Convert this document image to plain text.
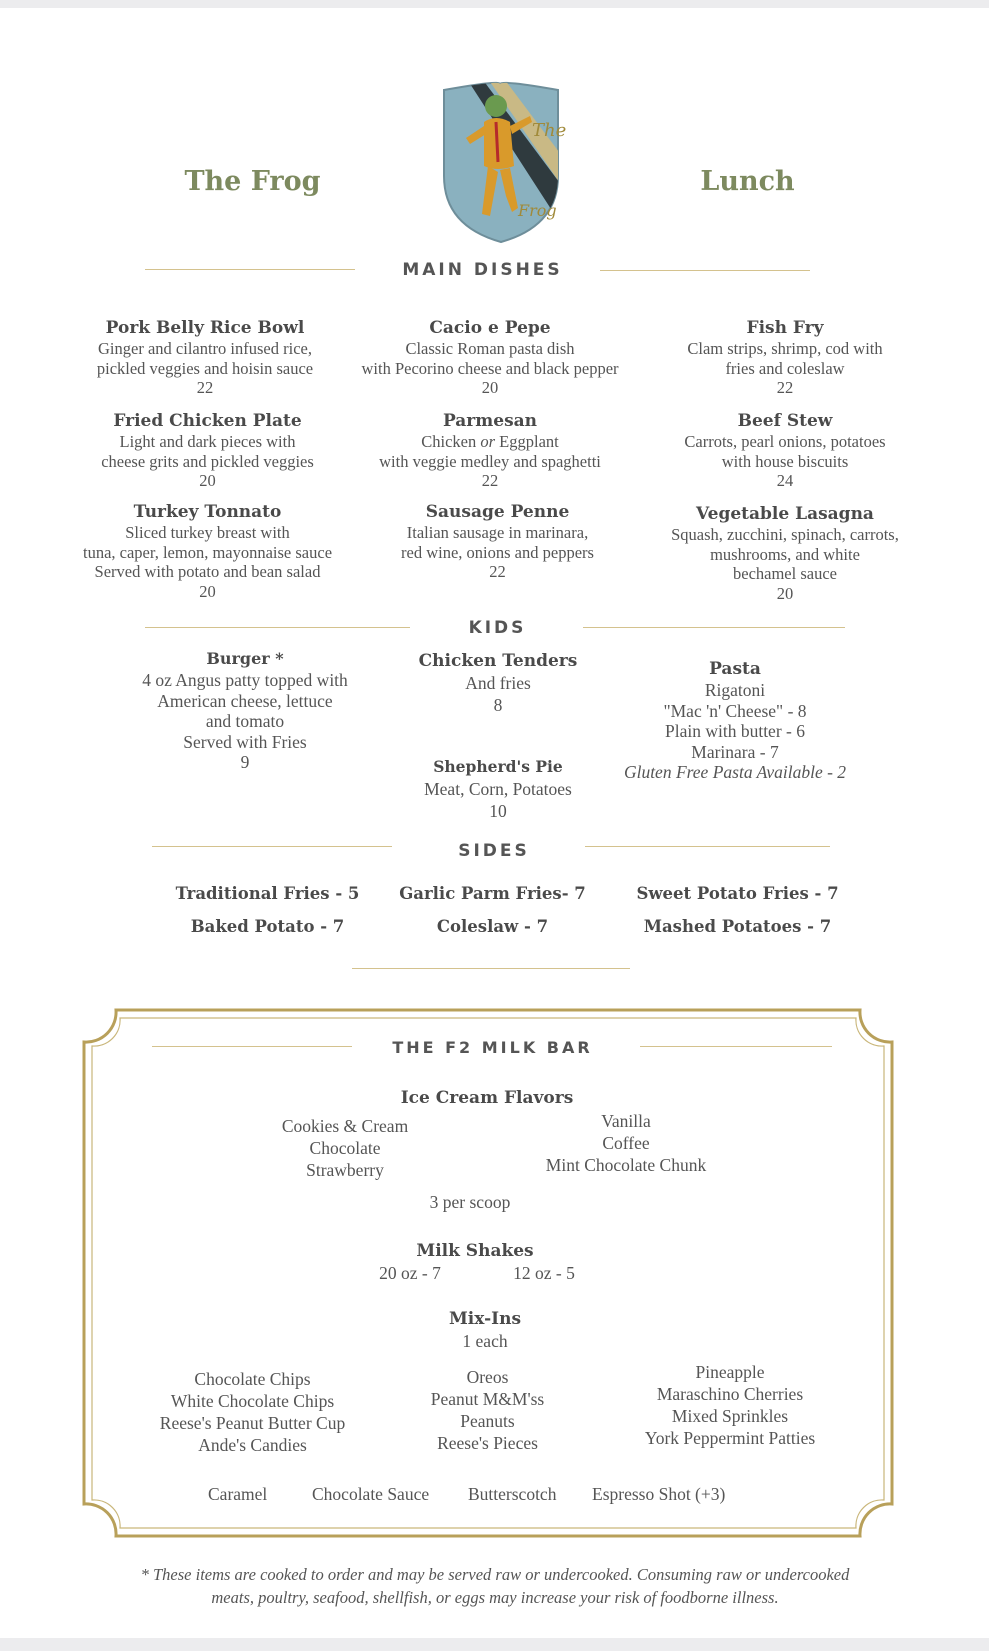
The Frog	Lunch
The
Frog
MAIN DISHES
Pork Belly Rice Bowl
Ginger and cilantro infused rice,
pickled veggies and hoisin sauce
22
Cacio e Pepe
Classic Roman pasta dish
with Pecorino cheese and black pepper
20
Fish Fry
Clam strips, shrimp, cod with
fries and coleslaw
22
Fried Chicken Plate
Light and dark pieces with
cheese grits and pickled veggies
20
Parmesan
Chicken or Eggplant
with veggie medley and spaghetti
22
Beef Stew
Carrots, pearl onions, potatoes
with house biscuits
24
Turkey Tonnato
Sliced turkey breast with
tuna, caper, lemon, mayonnaise sauce
Served with potato and bean salad
20
Sausage Penne
Italian sausage in marinara,
red wine, onions and peppers
22
Vegetable Lasagna
Squash, zucchini, spinach, carrots,
mushrooms, and white
bechamel sauce
20
KIDS
Burger *
4 oz Angus patty topped with
American cheese, lettuce
and tomato
Served with Fries
9
Chicken Tenders
And fries
8
Shepherd's Pie
Meat, Corn, Potatoes
10
Pasta
Rigatoni
"Mac 'n' Cheese" - 8
Plain with butter - 6
Marinara - 7
Gluten Free Pasta Available - 2
SIDES
Traditional Fries - 5	Garlic Parm Fries- 7	Sweet Potato Fries - 7
Baked Potato - 7	Coleslaw - 7	Mashed Potatoes - 7
THE F2 MILK BAR
Ice Cream Flavors
Cookies & Cream
Chocolate
Strawberry
Vanilla
Coffee
Mint Chocolate Chunk
3 per scoop
Milk Shakes
20 oz - 7	12 oz - 5
Mix-Ins
1 each
Chocolate Chips
White Chocolate Chips
Reese's Peanut Butter Cup
Ande's Candies
Oreos
Peanut M&M'ss
Peanuts
Reese's Pieces
Pineapple
Maraschino Cherries
Mixed Sprinkles
York Peppermint Patties
Caramel	Chocolate Sauce Butterscotch Espresso Shot (+3)
* These items are cooked to order and may be served raw or undercooked. Consuming raw or undercooked
meats, poultry, seafood, shellfish, or eggs may increase your risk of foodborne illness.
